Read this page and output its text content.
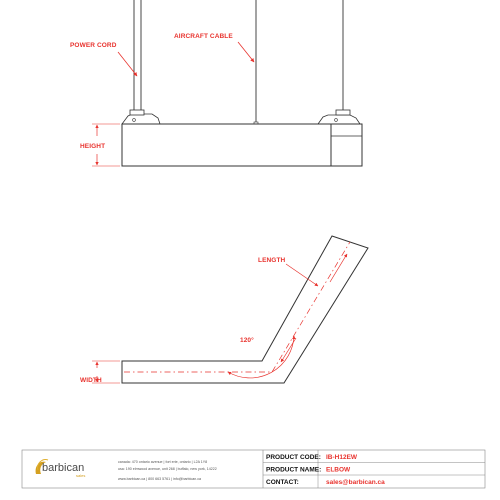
POWER CORD
AIRCRAFT CABLE
HEIGHT
LENGTH
120°
WIDTH
barbican
sales
canada: 470 ontario avenue | fort erie, ontario | L2A 1Y8
usa: 190 elmwood avenue, unit 268 | buffalo, new york, 14222
www.barbican.ca | 800 663 5761 | info@barbican.ca
PRODUCT CODE: IB-H12EW
PRODUCT NAME: ELBOW
CONTACT:	sales@barbican.ca
